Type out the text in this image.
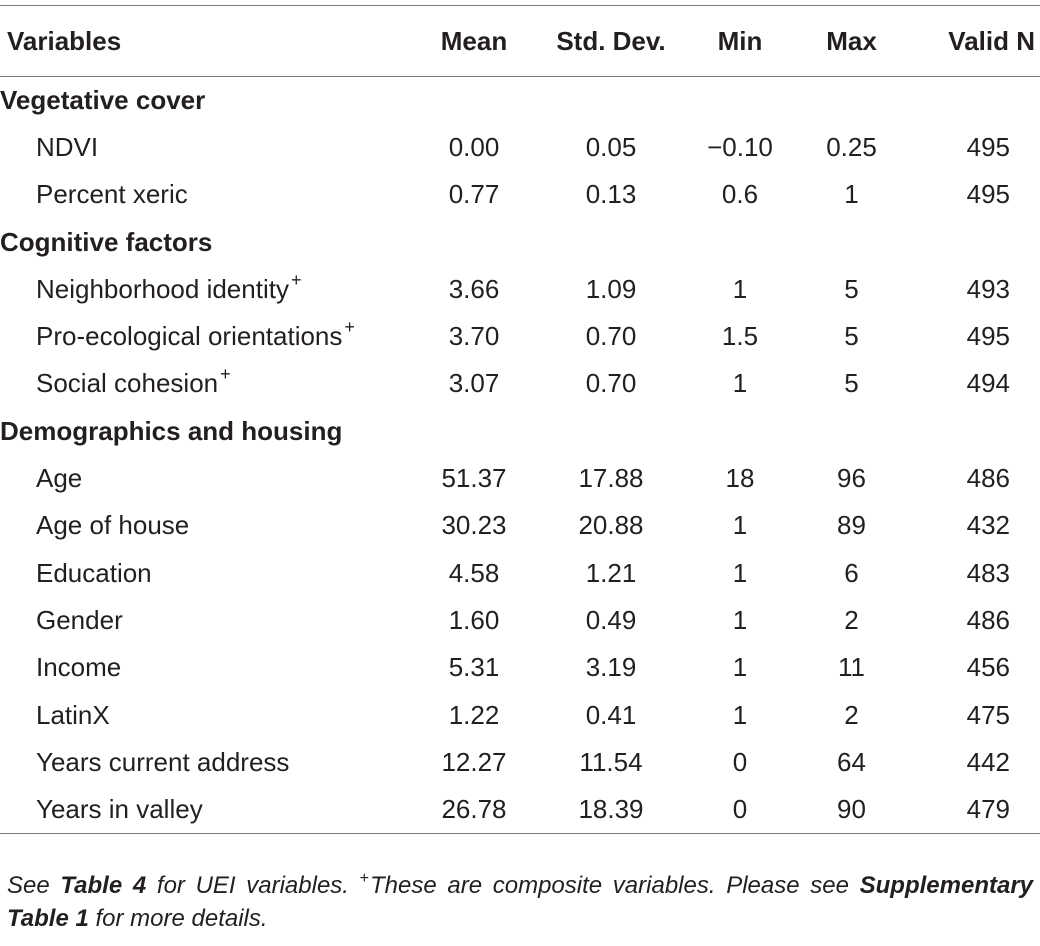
Variables	Mean	Std. Dev.	Min	Max	Valid N
Vegetative cover					
NDVI	0.00	0.05	−0.10	0.25	495
Percent xeric	0.77	0.13	0.6	1	495
Cognitive factors					
Neighborhood identity +	3.66	1.09	1	5	493
Pro-ecological orientations +	3.70	0.70	1.5	5	495
Social cohesion +	3.07	0.70	1	5	494
Demographics and housing					
Age	51.37	17.88	18	96	486
Age of house	30.23	20.88	1	89	432
Education	4.58	1.21	1	6	483
Gender	1.60	0.49	1	2	486
Income	5.31	3.19	1	11	456
LatinX	1.22	0.41	1	2	475
Years current address	12.27	11.54	0	64	442
Years in valley	26.78	18.39	0	90	479
See Table 4 for UEI variables. +These are composite variables. Please see Supplementary Table 1 for more details.
